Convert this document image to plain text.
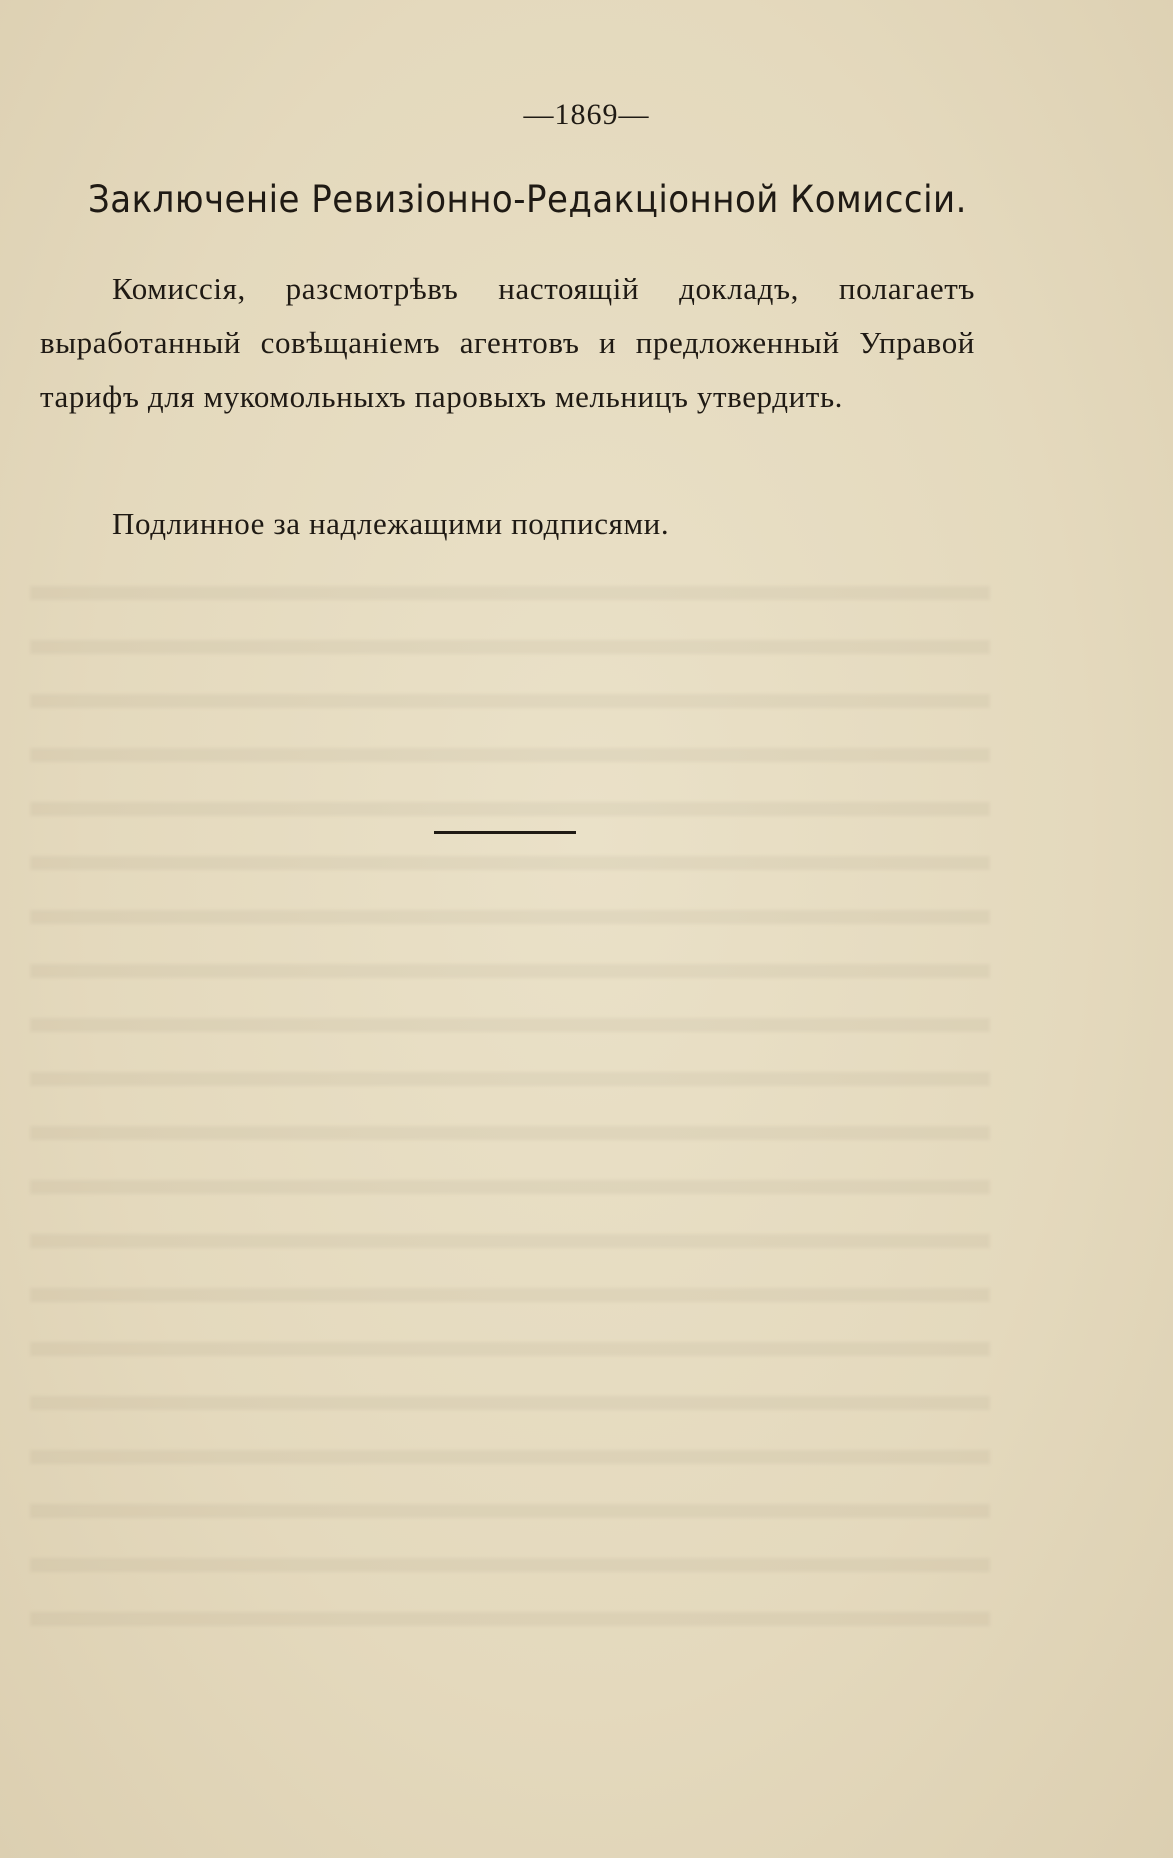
—1869—
Заключенiе Ревизiонно-Редакцiонной Комиссiи.
Комиссiя, разсмотрѣвъ настоящiй докладъ, полагаетъ выработанный совѣщанiемъ агентовъ и предложенный Управой тарифъ для мукомольныхъ паровыхъ мельницъ утвердить.
Подлинное за надлежащими подписями.
